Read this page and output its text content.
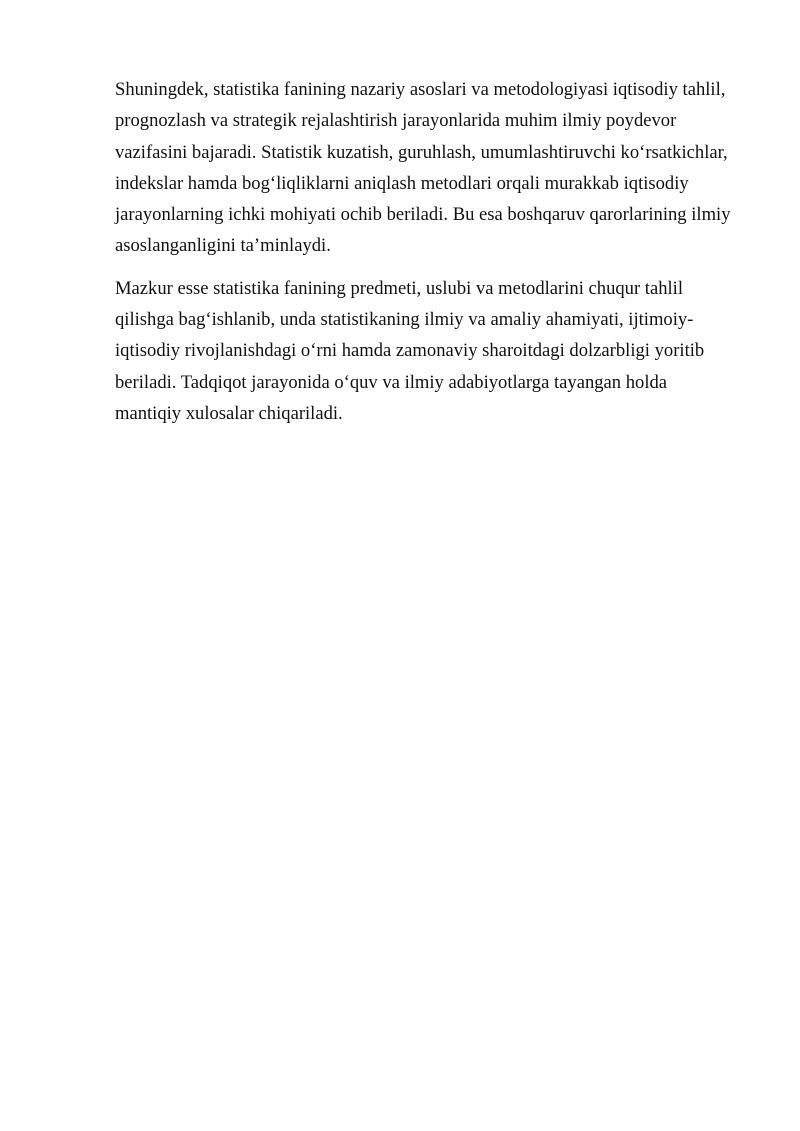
Shuningdek, statistika fanining nazariy asoslari va metodologiyasi iqtisodiy tahlil,
prognozlash va strategik rejalashtirish jarayonlarida muhim ilmiy poydevor
vazifasini bajaradi. Statistik kuzatish, guruhlash, umumlashtiruvchi ko‘rsatkichlar,
indekslar hamda bog‘liqliklarni aniqlash metodlari orqali murakkab iqtisodiy
jarayonlarning ichki mohiyati ochib beriladi. Bu esa boshqaruv qarorlarining ilmiy
asoslanganligini ta’minlaydi.

Mazkur esse statistika fanining predmeti, uslubi va metodlarini chuqur tahlil
qilishga bag‘ishlanib, unda statistikaning ilmiy va amaliy ahamiyati, ijtimoiy-
iqtisodiy rivojlanishdagi o‘rni hamda zamonaviy sharoitdagi dolzarbligi yoritib
beriladi. Tadqiqot jarayonida o‘quv va ilmiy adabiyotlarga tayangan holda
mantiqiy xulosalar chiqariladi.
